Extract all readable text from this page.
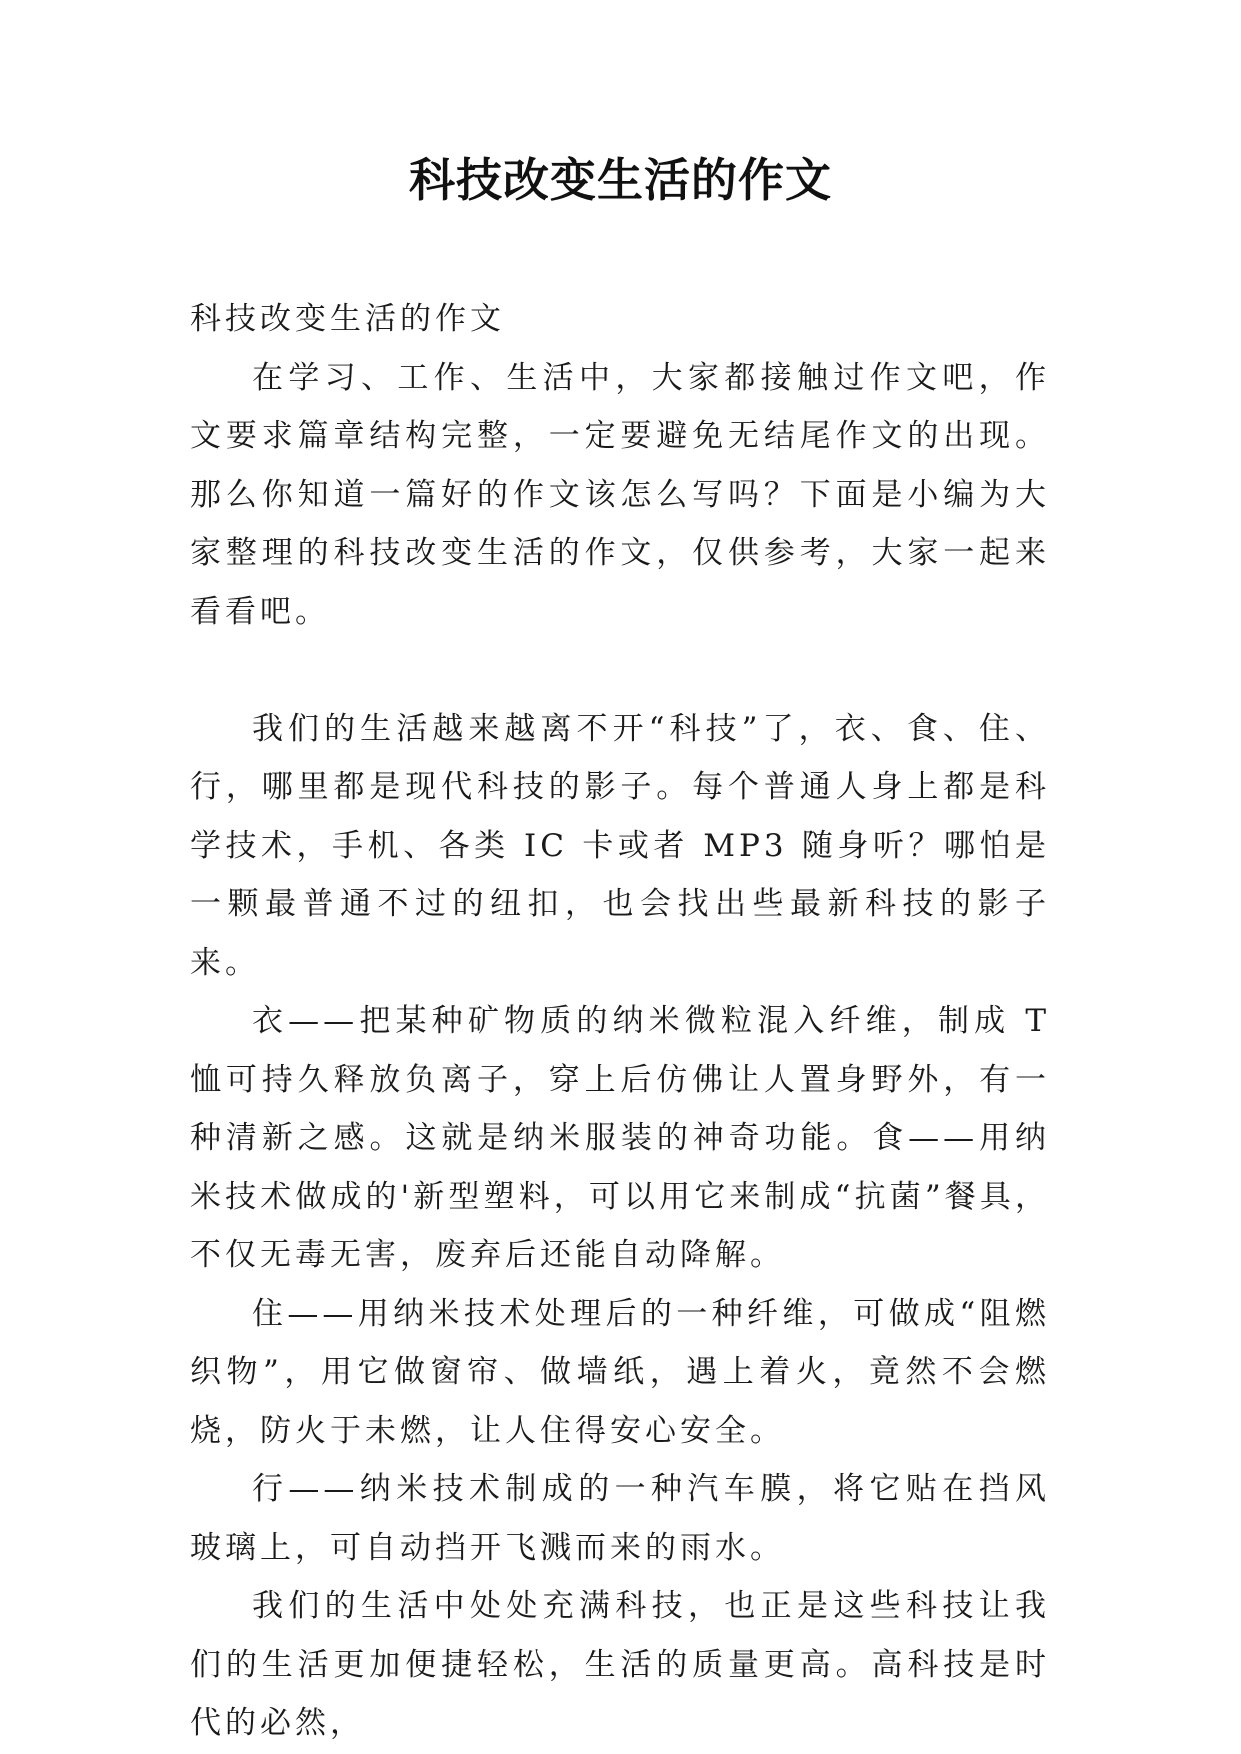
科技改变生活的作文

科技改变生活的作文

在学习、工作、生活中，大家都接触过作文吧，作文要求篇章结构完整，一定要避免无结尾作文的出现。那么你知道一篇好的作文该怎么写吗？下面是小编为大家整理的科技改变生活的作文，仅供参考，大家一起来看看吧。

我们的生活越来越离不开“科技”了，衣、食、住、行，哪里都是现代科技的影子。每个普通人身上都是科学技术，手机、各类 IC 卡或者 MP3 随身听？哪怕是一颗最普通不过的纽扣，也会找出些最新科技的影子来。

衣——把某种矿物质的纳米微粒混入纤维，制成 T 恤可持久释放负离子，穿上后仿佛让人置身野外，有一种清新之感。这就是纳米服装的神奇功能。食——用纳米技术做成的'新型塑料，可以用它来制成“抗菌”餐具，不仅无毒无害，废弃后还能自动降解。

住——用纳米技术处理后的一种纤维，可做成“阻燃织物”，用它做窗帘、做墙纸，遇上着火，竟然不会燃烧，防火于未燃，让人住得安心安全。

行——纳米技术制成的一种汽车膜，将它贴在挡风玻璃上，可自动挡开飞溅而来的雨水。

我们的生活中处处充满科技，也正是这些科技让我们的生活更加便捷轻松，生活的质量更高。高科技是时代的必然，
